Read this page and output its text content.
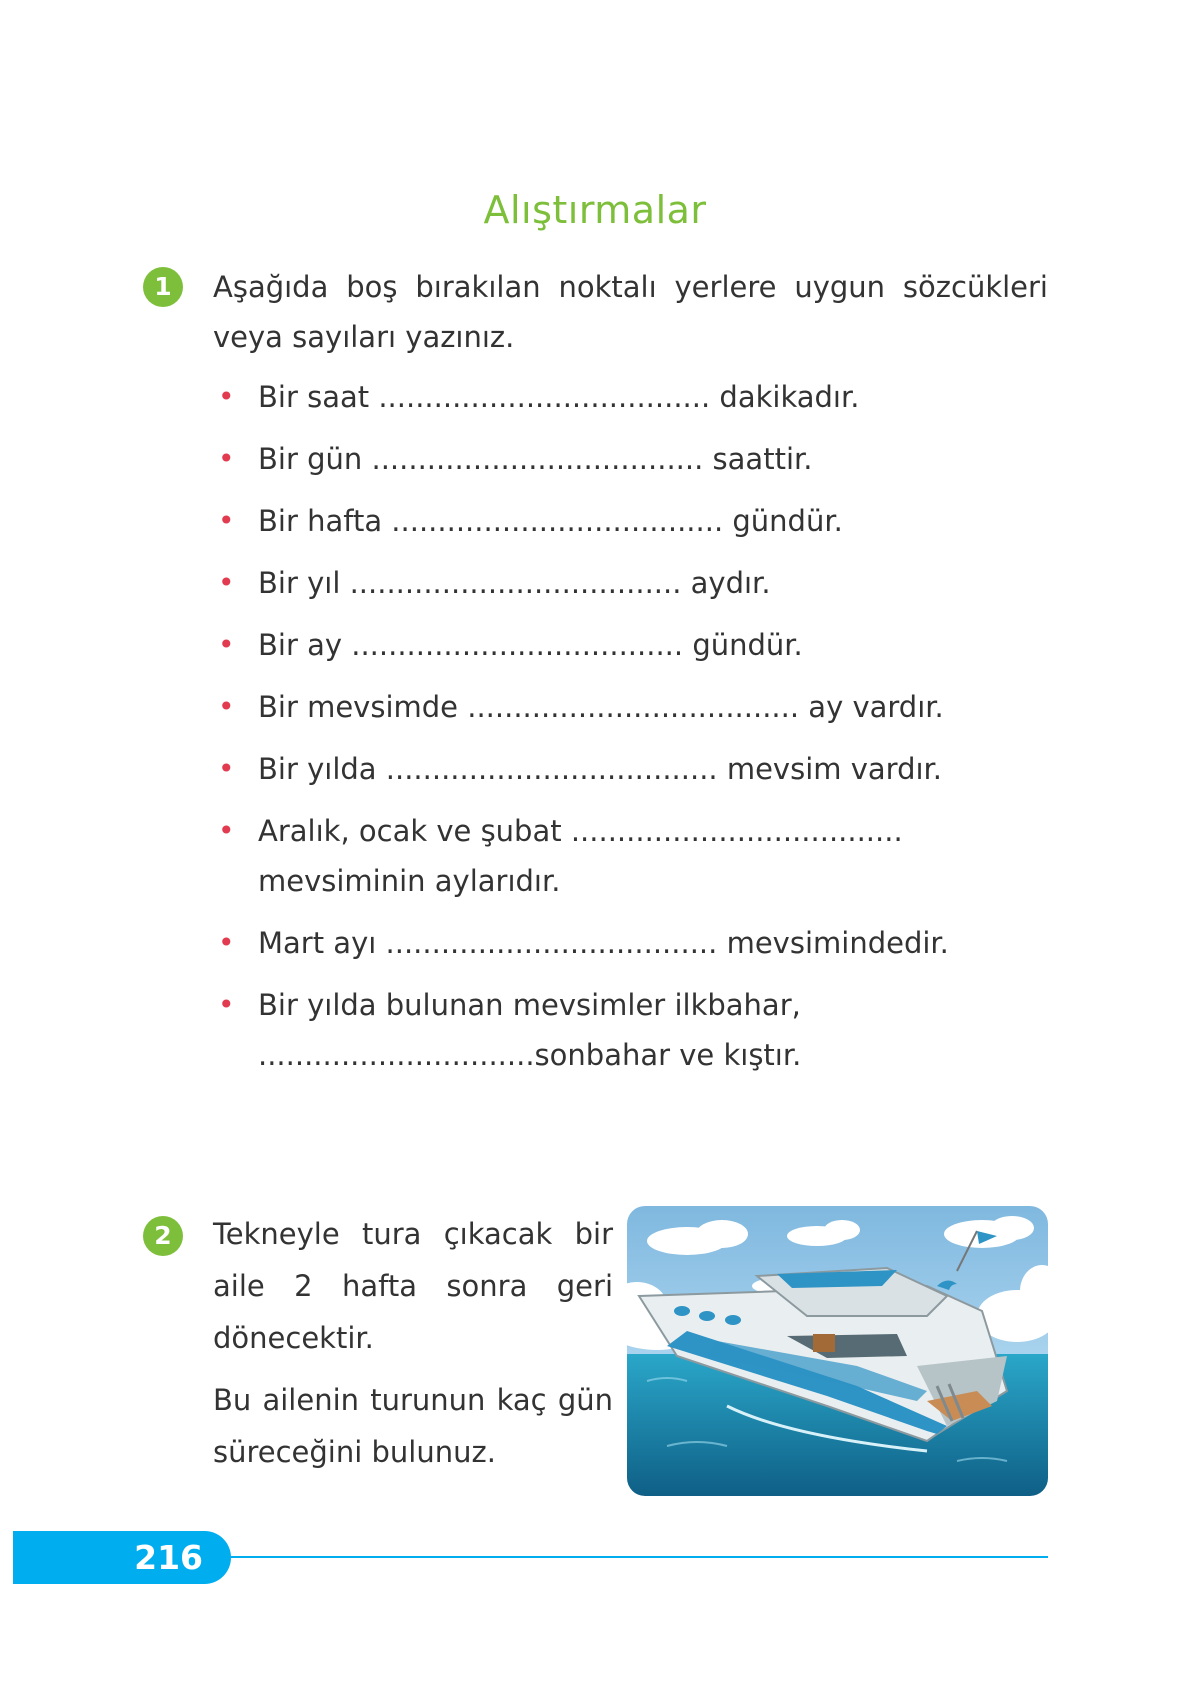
Alıştırmalar
1	Aşağıda boş bırakılan noktalı yerlere uygun sözcükleri veya sayıları yazınız.
• Bir saat .................................... dakikadır.
• Bir gün .................................... saattir.
• Bir hafta .................................... gündür.
• Bir yıl .................................... aydır.
• Bir ay .................................... gündür.
• Bir mevsimde .................................... ay vardır.
• Bir yılda .................................... mevsim vardır.
• Aralık, ocak ve şubat .................................... mevsiminin aylarıdır.
• Mart ayı .................................... mevsimindedir.
• Bir yılda bulunan mevsimler ilkbahar, ..............................sonbahar ve kıştır.
2	Tekneyle tura çıkacak bir aile 2 hafta sonra geri dönecektir.

Bu ailenin turunun kaç gün süreceğini bulunuz.

216
